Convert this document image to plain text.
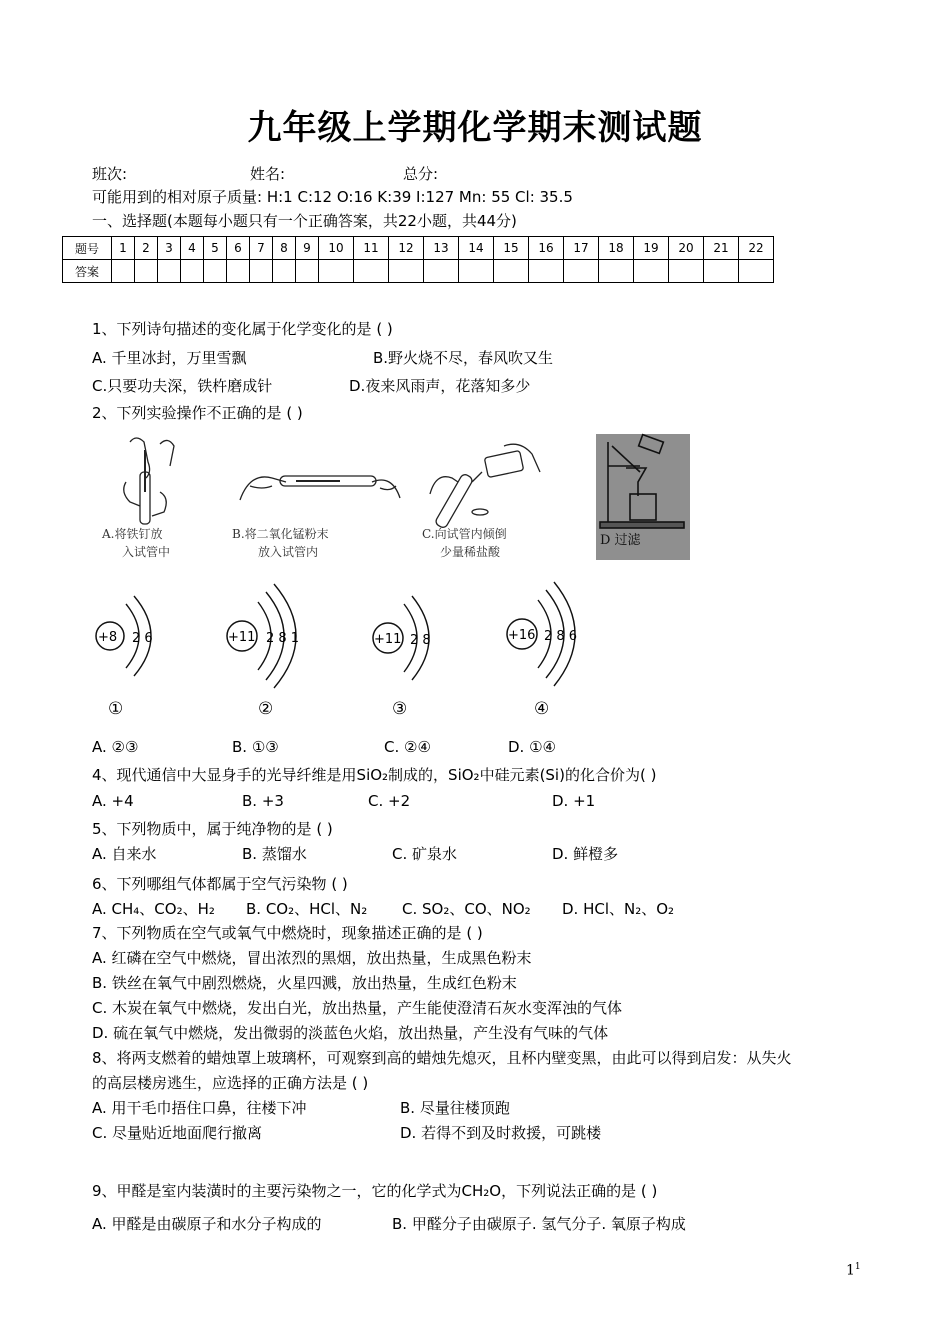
九年级上学期化学期末测试题
班次:	姓名:	总分:
可能用到的相对原子质量: H:1 C:12 O:16 K:39 I:127 Mn: 55 Cl: 35.5
一、选择题(本题每小题只有一个正确答案，共22小题，共44分)
题号	1	2	3	4	5	6	7	8	9	10	11	12	13	14	15	16	17	18	19	20	21	22
答案																						
1、下列诗句描述的变化属于化学变化的是 ( )
A. 千里冰封，万里雪飘	B.野火烧不尽，春风吹又生
C.只要功夫深，铁杵磨成针	D.夜来风雨声，花落知多少
2、下列实验操作不正确的是 ( )
A.将铁钉放
入试管中
B.将二氧化锰粉末
放入试管内
C.向试管内倾倒
少量稀盐酸
D 过滤
+8 2 6
①
+11 2 8 1
②
+11 2 8
③
+16 2 8 6
④
A. ②③	B. ①③	C. ②④	D. ①④
4、现代通信中大显身手的光导纤维是用SiO₂制成的，SiO₂中硅元素(Si)的化合价为( )
A. +4	B. +3	C. +2	D. +1
5、下列物质中，属于纯净物的是 ( )
A. 自来水	B. 蒸馏水	C. 矿泉水	D. 鲜橙多
6、下列哪组气体都属于空气污染物 ( )
A. CH₄、CO₂、H₂ B. CO₂、HCl、N₂ C. SO₂、CO、NO₂ D. HCl、N₂、O₂
7、下列物质在空气或氧气中燃烧时，现象描述正确的是 ( )
A. 红磷在空气中燃烧，冒出浓烈的黑烟，放出热量，生成黑色粉末
B. 铁丝在氧气中剧烈燃烧，火星四溅，放出热量，生成红色粉末
C. 木炭在氧气中燃烧，发出白光，放出热量，产生能使澄清石灰水变浑浊的气体
D. 硫在氧气中燃烧，发出微弱的淡蓝色火焰，放出热量，产生没有气味的气体
8、将两支燃着的蜡烛罩上玻璃杯，可观察到高的蜡烛先熄灭，且杯内壁变黑，由此可以得到启发：从失火
的高层楼房逃生，应选择的正确方法是 ( )
A. 用干毛巾捂住口鼻，往楼下冲	B. 尽量往楼顶跑
C. 尽量贴近地面爬行撤离	D. 若得不到及时救援，可跳楼
9、甲醛是室内装潢时的主要污染物之一，它的化学式为CH₂O，下列说法正确的是 ( )
A. 甲醛是由碳原子和水分子构成的	B. 甲醛分子由碳原子. 氢气分子. 氧原子构成
$1^1$
